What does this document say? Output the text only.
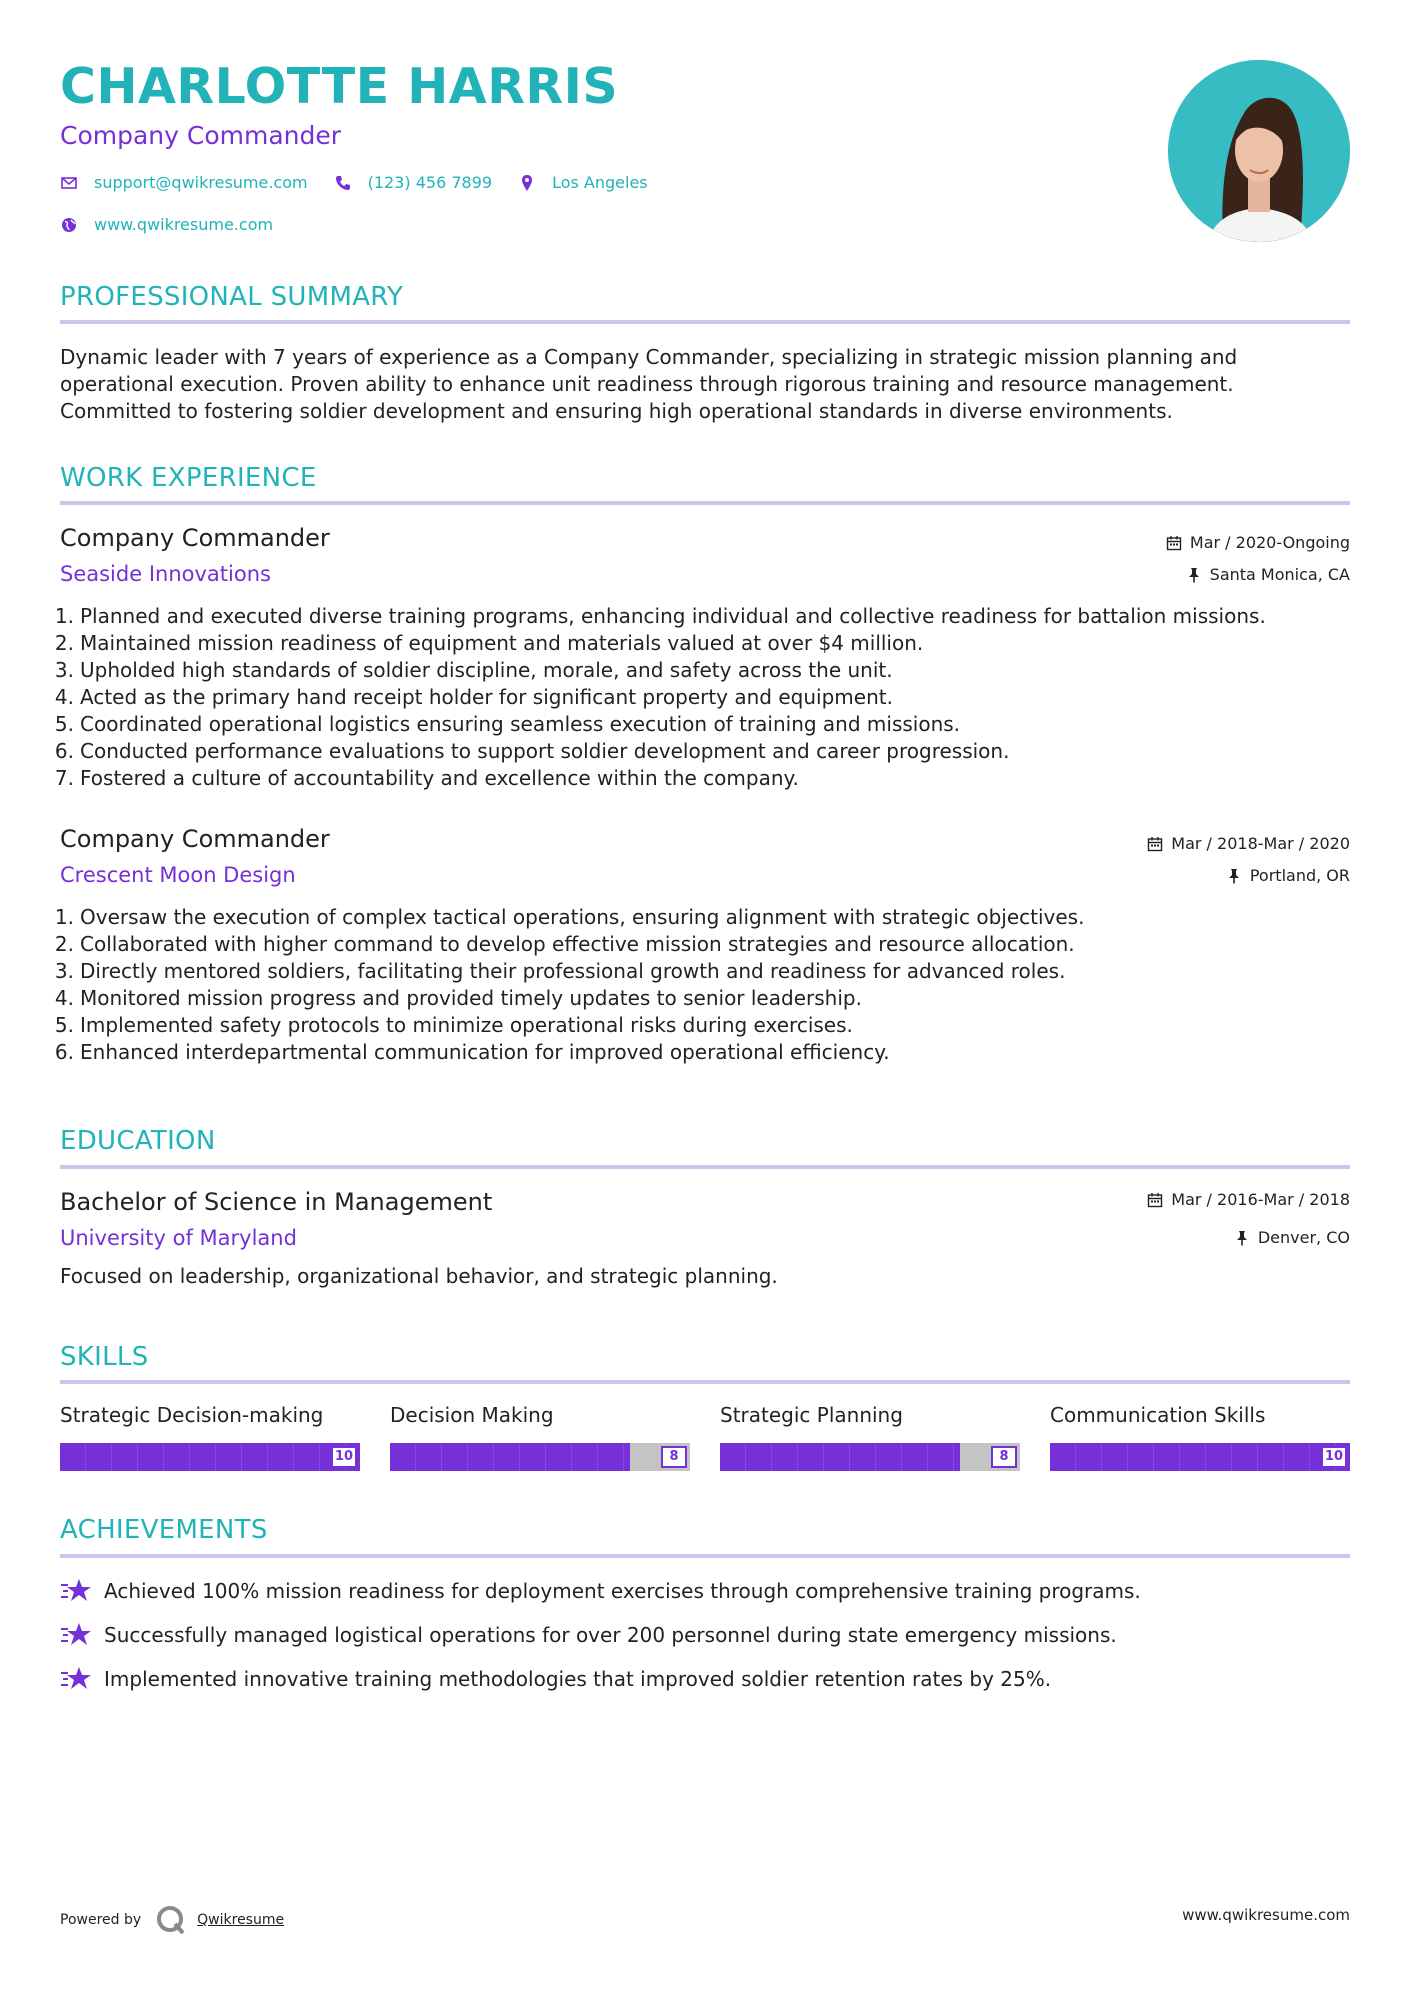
CHARLOTTE HARRIS
Company Commander
support@qwikresume.com	(123) 456 7899	Los Angeles
www.qwikresume.com
PROFESSIONAL SUMMARY
Dynamic leader with 7 years of experience as a Company Commander, specializing in strategic mission planning and operational execution. Proven ability to enhance unit readiness through rigorous training and resource management. Committed to fostering soldier development and ensuring high operational standards in diverse environments.
WORK EXPERIENCE
Company Commander
Seaside Innovations
Mar / 2020-Ongoing
Santa Monica, CA
1. Planned and executed diverse training programs, enhancing individual and collective readiness for battalion missions.
2. Maintained mission readiness of equipment and materials valued at over $4 million.
3. Upholded high standards of soldier discipline, morale, and safety across the unit.
4. Acted as the primary hand receipt holder for significant property and equipment.
5. Coordinated operational logistics ensuring seamless execution of training and missions.
6. Conducted performance evaluations to support soldier development and career progression.
7. Fostered a culture of accountability and excellence within the company.
Company Commander
Crescent Moon Design
Mar / 2018-Mar / 2020
Portland, OR
1. Oversaw the execution of complex tactical operations, ensuring alignment with strategic objectives.
2. Collaborated with higher command to develop effective mission strategies and resource allocation.
3. Directly mentored soldiers, facilitating their professional growth and readiness for advanced roles.
4. Monitored mission progress and provided timely updates to senior leadership.
5. Implemented safety protocols to minimize operational risks during exercises.
6. Enhanced interdepartmental communication for improved operational efficiency.
EDUCATION
Bachelor of Science in Management
University of Maryland
Mar / 2016-Mar / 2018
Denver, CO
Focused on leadership, organizational behavior, and strategic planning.
SKILLS
Strategic Decision-making
10
Decision Making
8
Strategic Planning
8
Communication Skills
10
ACHIEVEMENTS
Achieved 100% mission readiness for deployment exercises through comprehensive training programs.
Successfully managed logistical operations for over 200 personnel during state emergency missions.
Implemented innovative training methodologies that improved soldier retention rates by 25%.
Powered by	Qwikresume	www.qwikresume.com
